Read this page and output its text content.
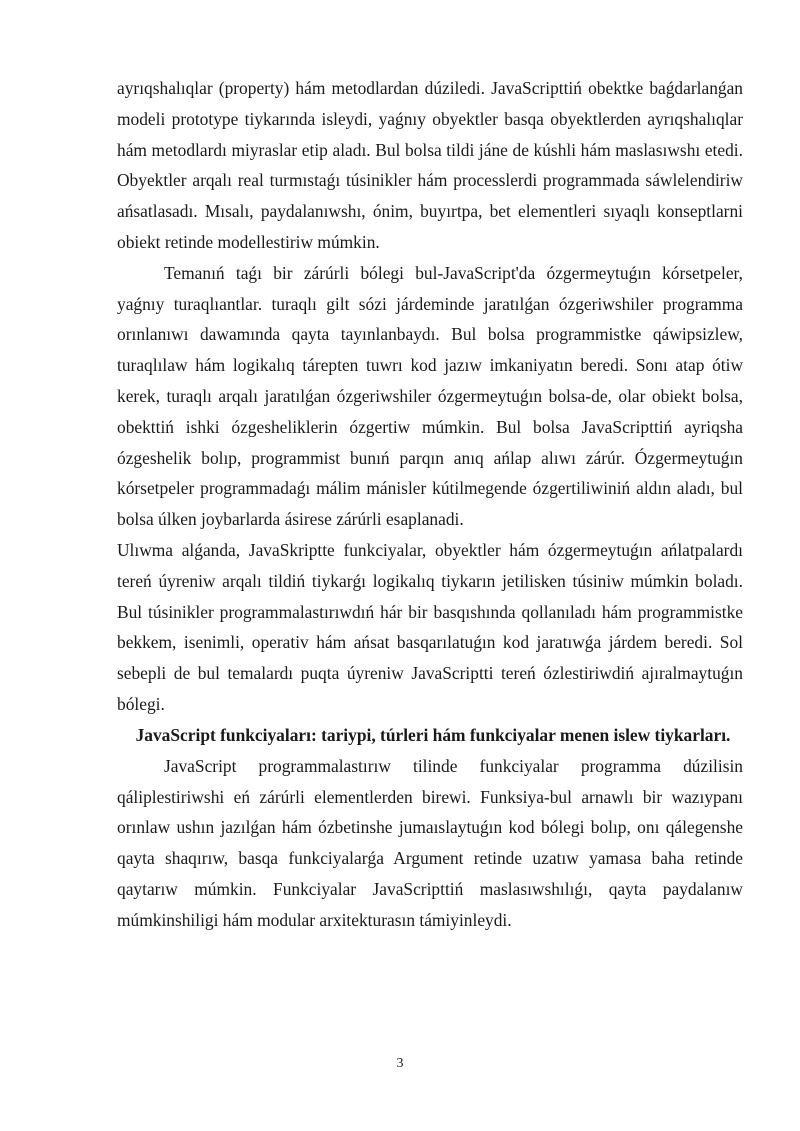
ayrıqshalıqlar (property) hám metodlardan dúziledi. JavaScripttiń obektke baǵdarlanǵan modeli prototype tiykarında isleydi, yaǵnıy obyektler basqa obyektlerden ayrıqshalıqlar hám metodlardı miyraslar etip aladı. Bul bolsa tildi jáne de kúshli hám maslasıwshı etedi. Obyektler arqalı real turmıstaǵı túsinikler hám processlerdi programmada sáwlelendiriw ańsatlasadı. Mısalı, paydalanıwshı, ónim, buyırtpa, bet elementleri sıyaqlı konseptlarni obiekt retinde modellestiriw múmkin.

Temanıń taǵı bir zárúrli bólegi bul-JavaScript'da ózgermeytuǵın kórsetpeler, yaǵnıy turaqlıantlar. turaqlı gilt sózi járdeminde jaratılǵan ózgeriwshiler programma orınlanıwı dawamında qayta tayınlanbaydı. Bul bolsa programmistke qáwipsizlew, turaqlılaw hám logikalıq tárepten tuwrı kod jazıw imkaniyatın beredi. Sonı atap ótiw kerek, turaqlı arqalı jaratılǵan ózgeriwshiler ózgermeytuǵın bolsa-de, olar obiekt bolsa, obekttiń ishki ózgesheliklerin ózgertiw múmkin. Bul bolsa JavaScripttiń ayriqsha ózgeshelik bolıp, programmist bunıń parqın anıq ańlap alıwı zárúr. Ózgermeytuǵın kórsetpeler programmadaǵı málim mánisler kútilmegende ózgertiliwiniń aldın aladı, bul bolsa úlken joybarlarda ásirese zárúrli esaplanadi.

Ulıwma alǵanda, JavaSkriptte funkciyalar, obyektler hám ózgermeytuǵın ańlatpalardı tereń úyreniw arqalı tildiń tiykarǵı logikalıq tiykarın jetilisken túsiniw múmkin boladı. Bul túsinikler programmalastırıwdıń hár bir basqıshında qollanıladı hám programmistke bekkem, isenimli, operativ hám ańsat basqarılatuǵın kod jaratıwǵa járdem beredi. Sol sebepli de bul temalardı puqta úyreniw JavaScriptti tereń ózlestiriwdiń ajıralmaytuǵın bólegi.

JavaScript funkciyaları: tariypi, túrleri hám funkciyalar menen islew tiykarları.

JavaScript programmalastırıw tilinde funkciyalar programma dúzilisin qáliplestiriwshi eń zárúrli elementlerden birewi. Funksiya-bul arnawlı bir wazıypanı orınlaw ushın jazılǵan hám ózbetinshe jumaıslaytuǵın kod bólegi bolıp, onı qálegenshe qayta shaqırıw, basqa funkciyalarǵa Argument retinde uzatıw yamasa baha retinde qaytarıw múmkin. Funkciyalar JavaScripttiń maslasıwshılıǵı, qayta paydalanıw múmkinshiligi hám modular arxitekturasın támiyinleydi.

3
